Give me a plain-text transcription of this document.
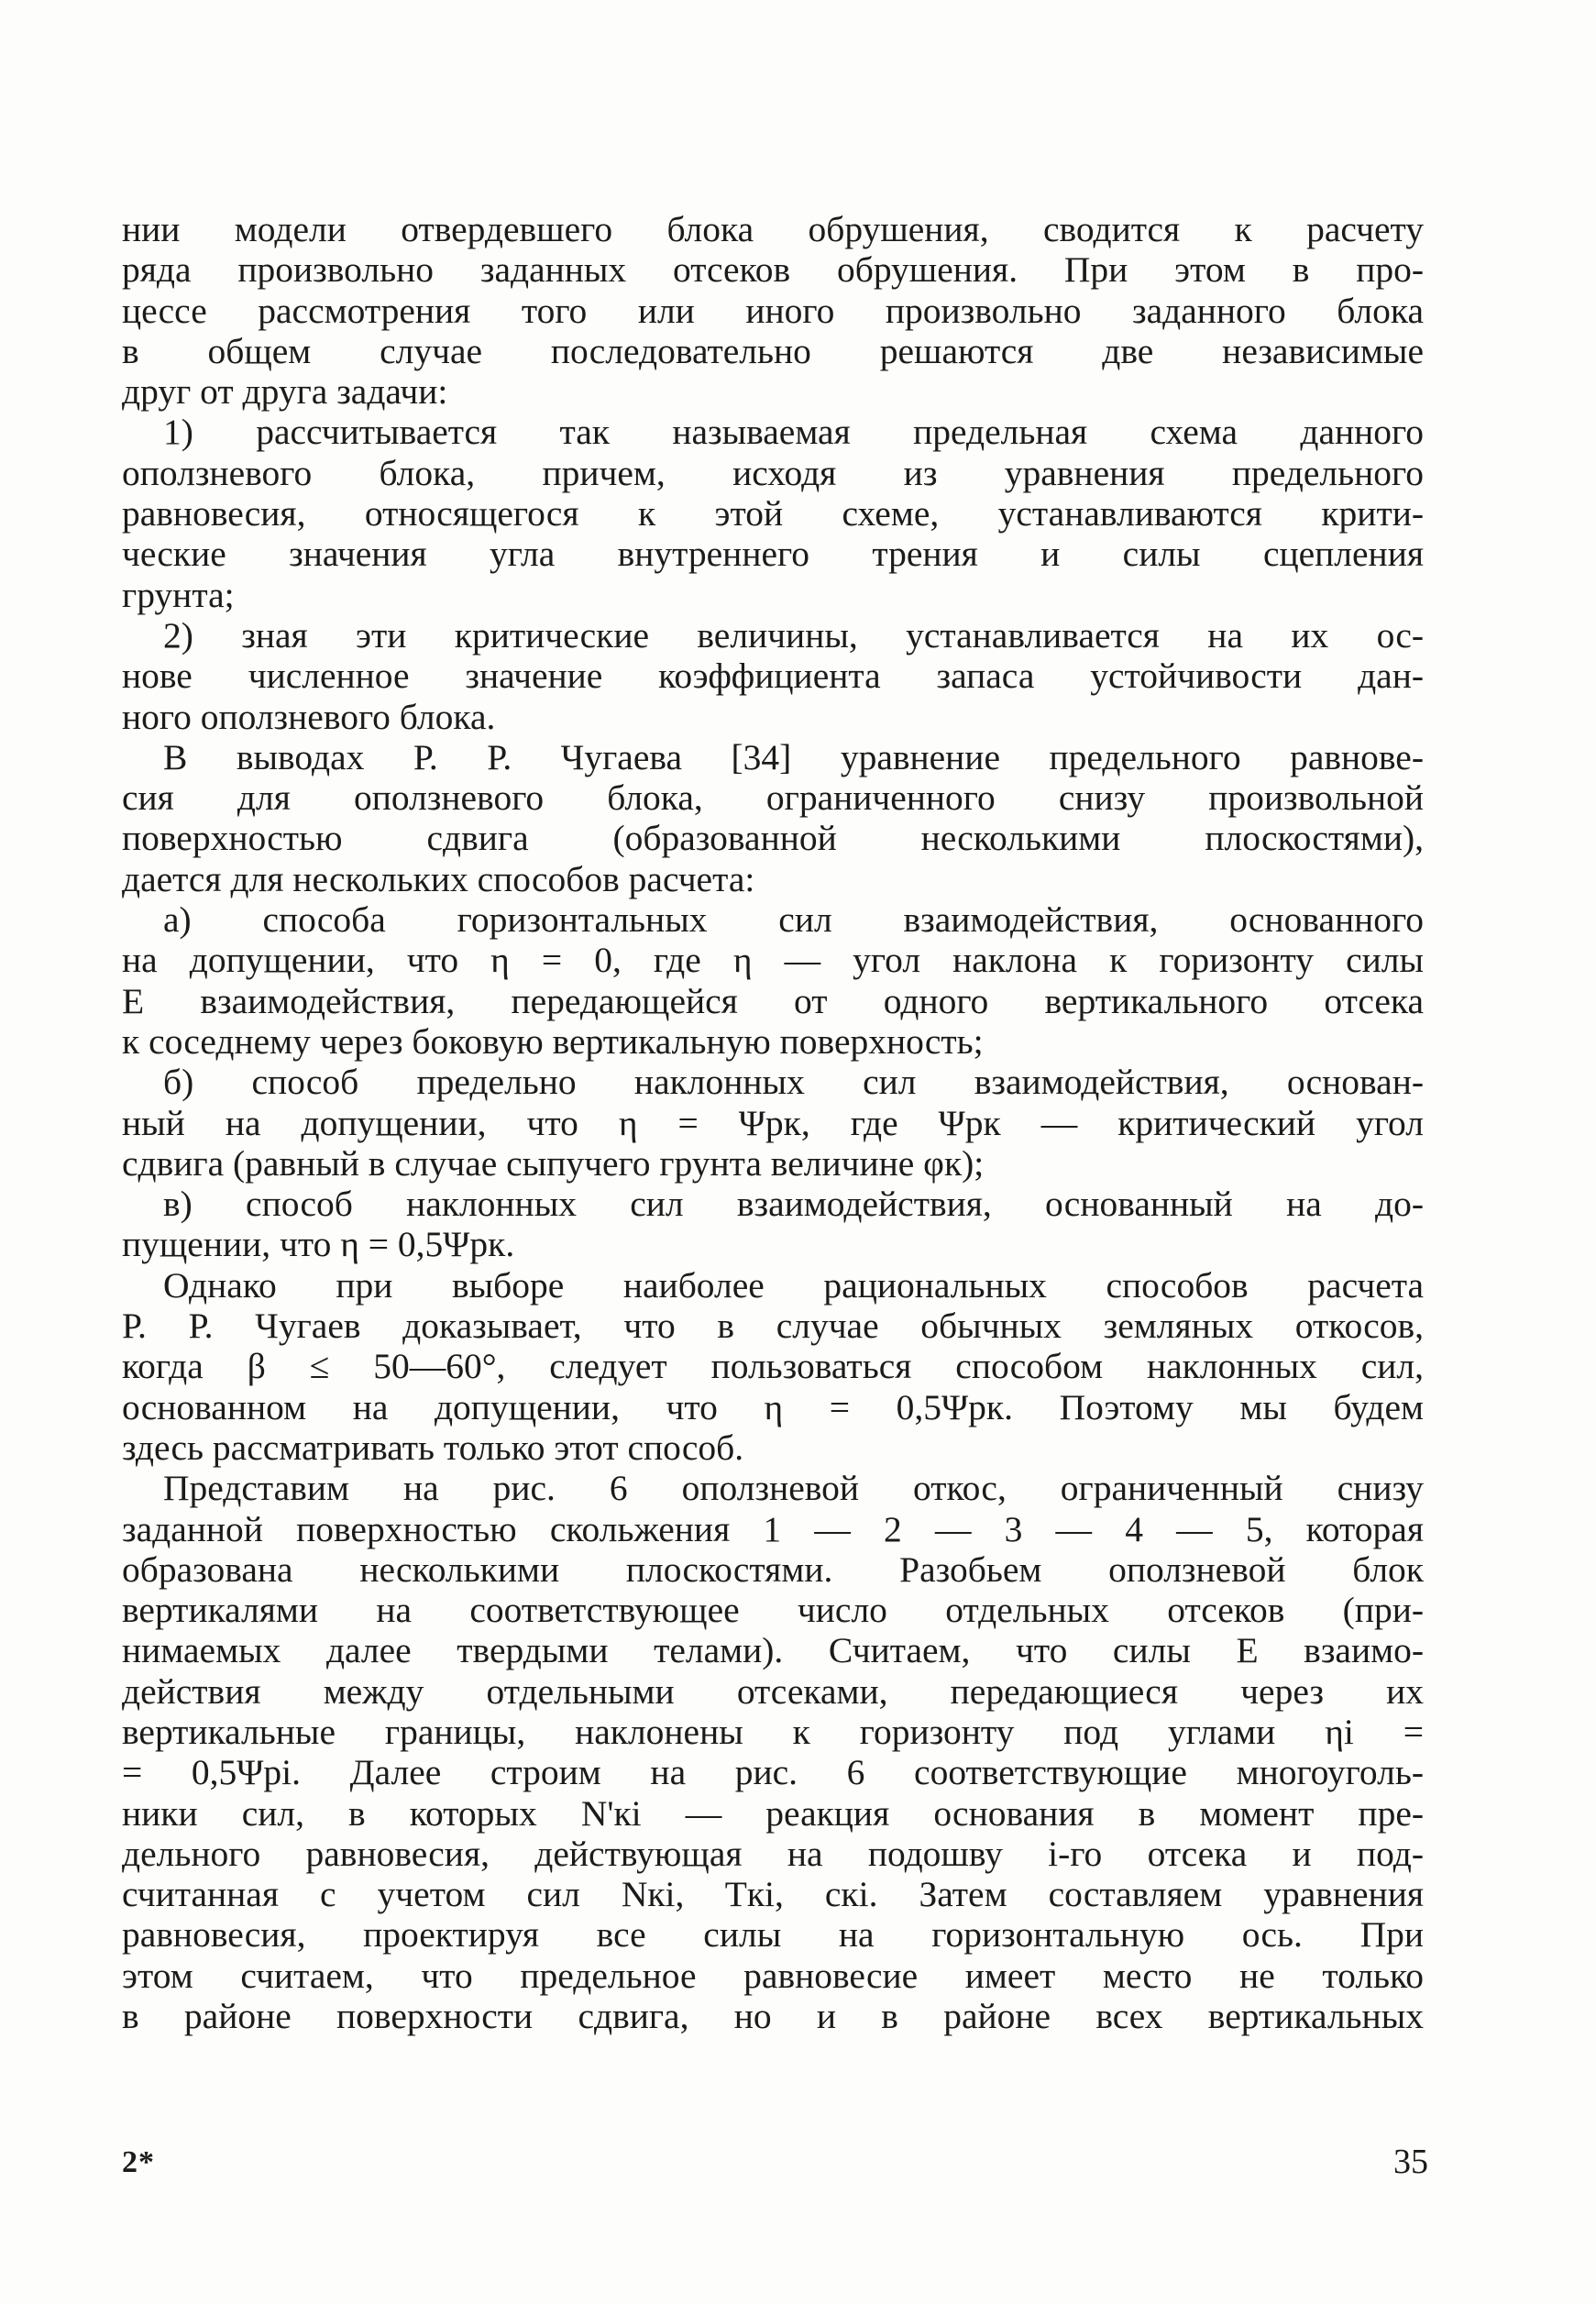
нии модели отвердевшего блока обрушения, сводится к расчету
ряда произвольно заданных отсеков обрушения. При этом в про-
цессе рассмотрения того или иного произвольно заданного блока
в общем случае последовательно решаются две независимые
друг от друга задачи:
1) рассчитывается так называемая предельная схема данного
оползневого блока, причем, исходя из уравнения предельного
равновесия, относящегося к этой схеме, устанавливаются крити-
ческие значения угла внутреннего трения и силы сцепления
грунта;
2) зная эти критические величины, устанавливается на их ос-
нове численное значение коэффициента запаса устойчивости дан-
ного оползневого блока.
В выводах Р. Р. Чугаева [34] уравнение предельного равнове-
сия для оползневого блока, ограниченного снизу произвольной
поверхностью сдвига (образованной несколькими плоскостями),
дается для нескольких способов расчета:
а) способа горизонтальных сил взаимодействия, основанного
на допущении, что η = 0, где η — угол наклона к горизонту силы
E взаимодействия, передающейся от одного вертикального отсека
к соседнему через боковую вертикальную поверхность;
б) способ предельно наклонных сил взаимодействия, основан-
ный на допущении, что η = Ψрк, где Ψрк — критический угол
сдвига (равный в случае сыпучего грунта величине φк);
в) способ наклонных сил взаимодействия, основанный на до-
пущении, что η = 0,5Ψрк.
Однако при выборе наиболее рациональных способов расчета
Р. Р. Чугаев доказывает, что в случае обычных земляных откосов,
когда β ≤ 50—60°, следует пользоваться способом наклонных сил,
основанном на допущении, что η = 0,5Ψрк. Поэтому мы будем
здесь рассматривать только этот способ.
Представим на рис. 6 оползневой откос, ограниченный снизу
заданной поверхностью скольжения 1 — 2 — 3 — 4 — 5, которая
образована несколькими плоскостями. Разобьем оползневой блок
вертикалями на соответствующее число отдельных отсеков (при-
нимаемых далее твердыми телами). Считаем, что силы E взаимо-
действия между отдельными отсеками, передающиеся через их
вертикальные границы, наклонены к горизонту под углами ηi =
= 0,5Ψрi. Далее строим на рис. 6 соответствующие многоуголь-
ники сил, в которых N'кi — реакция основания в момент пре-
дельного равновесия, действующая на подошву i-го отсека и под-
считанная с учетом сил Nкi, Tкi, cкi. Затем составляем уравнения
равновесия, проектируя все силы на горизонтальную ось. При
этом считаем, что предельное равновесие имеет место не только
в районе поверхности сдвига, но и в районе всех вертикальных
2*	35
